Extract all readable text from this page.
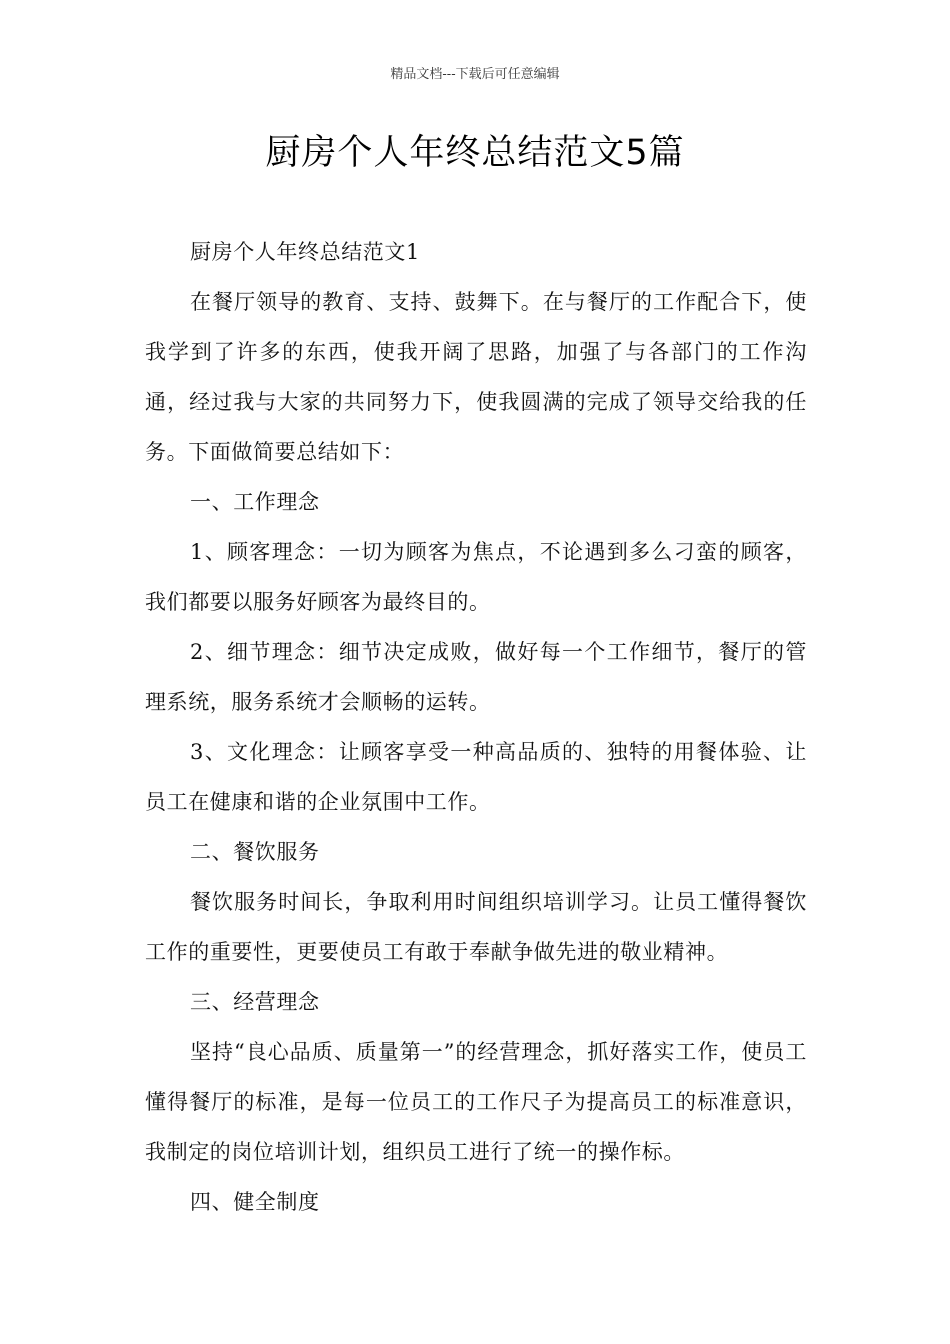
精品文档---下载后可任意编辑
厨房个人年终总结范文5篇

厨房个人年终总结范文1

在餐厅领导的教育、支持、鼓舞下。在与餐厅的工作配合下，使我学到了许多的东西，使我开阔了思路，加强了与各部门的工作沟通，经过我与大家的共同努力下，使我圆满的完成了领导交给我的任务。下面做简要总结如下：

一、工作理念

1、顾客理念：一切为顾客为焦点，不论遇到多么刁蛮的顾客，我们都要以服务好顾客为最终目的。

2、细节理念：细节决定成败，做好每一个工作细节，餐厅的管理系统，服务系统才会顺畅的运转。

3、文化理念：让顾客享受一种高品质的、独特的用餐体验、让员工在健康和谐的企业氛围中工作。

二、餐饮服务

餐饮服务时间长，争取利用时间组织培训学习。让员工懂得餐饮工作的重要性，更要使员工有敢于奉献争做先进的敬业精神。

三、经营理念

坚持“良心品质、质量第一”的经营理念，抓好落实工作，使员工懂得餐厅的标准，是每一位员工的工作尺子为提高员工的标准意识，我制定的岗位培训计划，组织员工进行了统一的操作标。

四、健全制度
